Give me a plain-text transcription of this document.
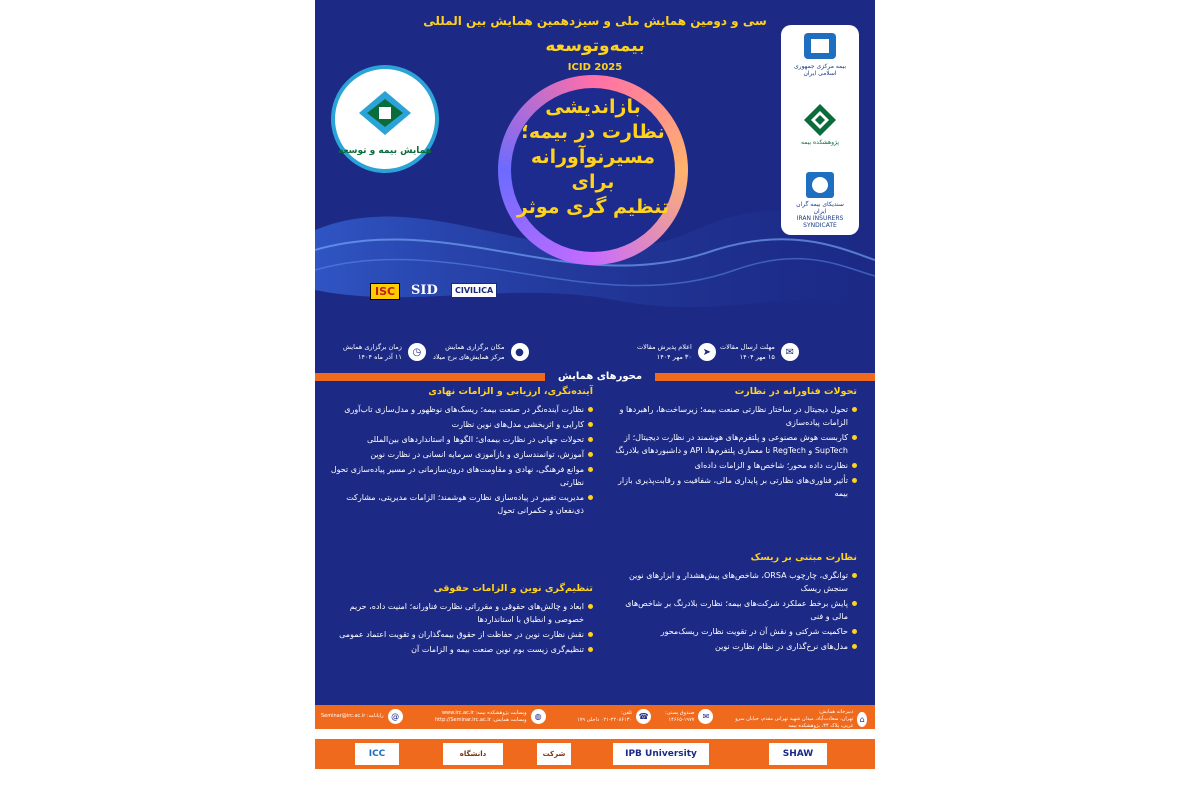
سی و دومین همایش ملی و سیزدهمین همایش بین المللی
بیمه‌وتوسعه
ICID 2025
بازاندیشی
نظارت در بیمه؛
مسیرنوآورانه برای
تنظیم گری موثر
همایش بیمه و توسعه
بیمه مرکزی جمهوری اسلامی ایران
پژوهشکده بیمه
سندیکای بیمه گران ایران
IRAN INSURERS SYNDICATE
ISC	SID	CIVILICA
✉
مهلت ارسال مقالات
۱۵ مهر ۱۴۰۴
➤
اعلام پذیرش مقالات
۳۰ مهر ۱۴۰۴
●
مکان برگزاری همایش
مرکز همایش‌های برج میلاد
◷
زمان برگزاری همایش
۱۱ آذر ماه ۱۴۰۴
محورهای همایش
تحولات فناورانه در نظارت
تحول دیجیتال در ساختار نظارتی صنعت بیمه؛ زیرساخت‌ها، راهبردها و الزامات پیاده‌سازی
کاربست هوش مصنوعی و پلتفرم‌های هوشمند در نظارت دیجیتال؛ از SupTech و RegTech تا معماری پلتفرم‌ها، API و داشبوردهای بلادرنگ
نظارت داده محور؛ شاخص‌ها و الزامات داده‌ای
تأثیر فناوری‌های نظارتی بر پایداری مالی، شفافیت و رقابت‌پذیری بازار بیمه
نظارت مبتنی بر ریسک
توانگری، چارچوب ORSA، شاخص‌های پیش‌هشدار و ابزارهای نوین سنجش ریسک
پایش برخط عملکرد شرکت‌های بیمه؛ نظارت بلادرنگ بر شاخص‌های مالی و فنی
حاکمیت شرکتی و نقش آن در تقویت نظارت ریسک‌محور
مدل‌های نرخ‌گذاری در نظام نظارت نوین
آینده‌نگری، ارزیابی و الزامات نهادی
نظارت آینده‌نگر در صنعت بیمه؛ ریسک‌های نوظهور و مدل‌سازی تاب‌آوری
کارایی و اثربخشی مدل‌های نوین نظارت
تحولات جهانی در نظارت بیمه‌ای؛ الگوها و استانداردهای بین‌المللی
آموزش، توانمندسازی و بازآموزی سرمایه انسانی در نظارت نوین
موانع فرهنگی، نهادی و مقاومت‌های درون‌سازمانی در مسیر پیاده‌سازی تحول نظارتی
مدیریت تغییر در پیاده‌سازی نظارت هوشمند؛ الزامات مدیریتی، مشارکت ذی‌نفعان و حکمرانی تحول
تنظیم‌گری نوین و الزامات حقوقی
ابعاد و چالش‌های حقوقی و مقرراتی نظارت فناورانه؛ امنیت داده، حریم خصوصی و انطباق با استانداردها
نقش نظارت نوین در حفاظت از حقوق بیمه‌گذاران و تقویت اعتماد عمومی
تنظیم‌گری زیست بوم نوین صنعت بیمه و الزامات آن
⌂
دبیرخانه همایش:
تهران، سعادت‌آباد، میدان شهید تهرانی مقدم، خیابان سرو غربی، پلاک ۳۴، پژوهشکده بیمه
✉
صندوق پستی:
۱۴۶۶۵-۱۹۷۷
☎
تلفن:
۰۲۱-۲۲۰۸۶۱۳۰ داخلی ۱۷۹
◍
وبسایت پژوهشکده بیمه: www.irc.ac.ir
وبسایت همایش: http://Seminar.irc.ac.ir
@
رایانامه: Seminar@irc.ac.ir
ICC	دانشگاه	شرکت	IPB University	SHAW
